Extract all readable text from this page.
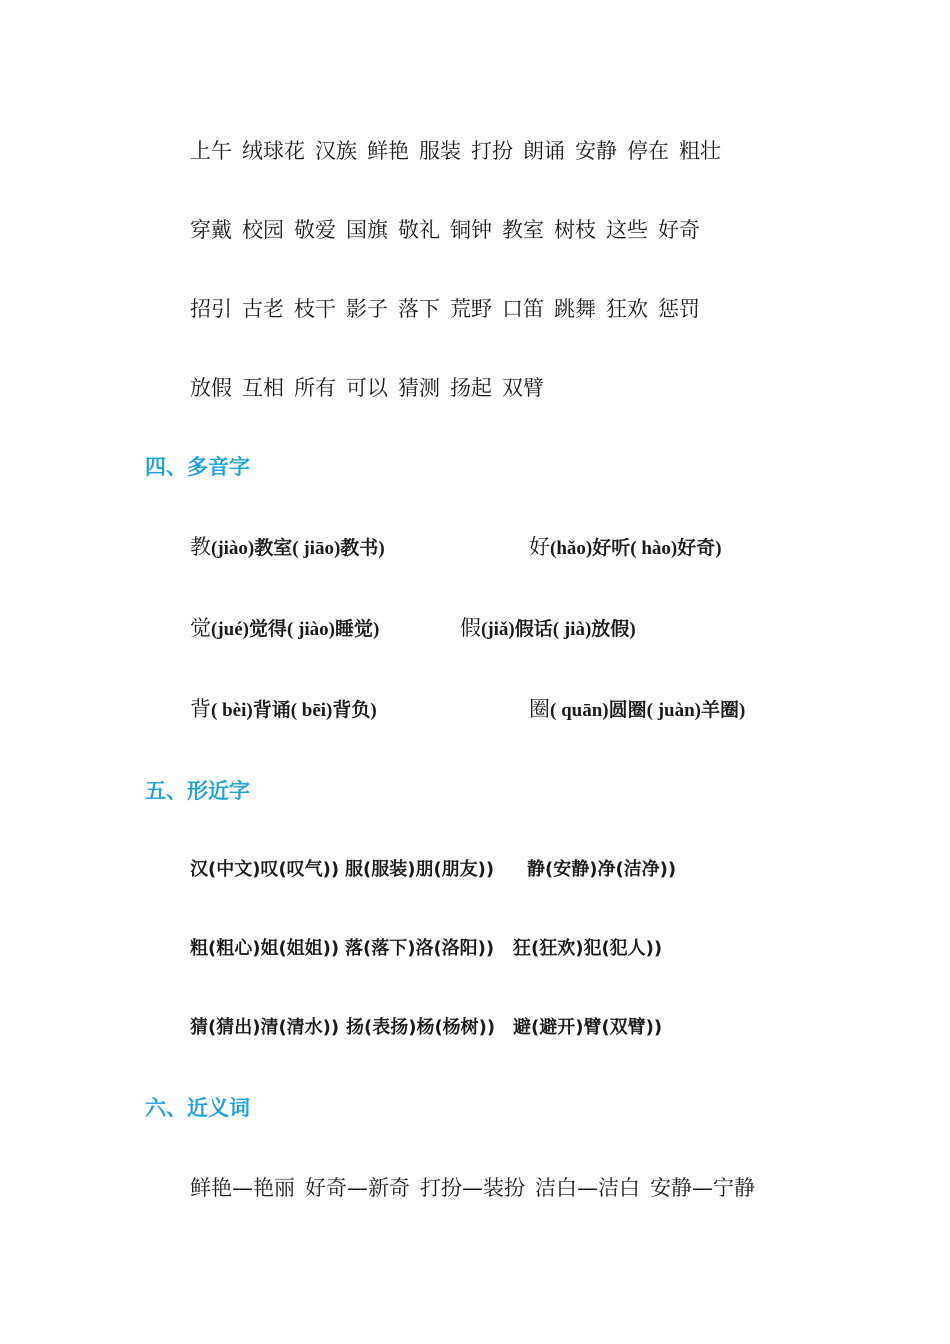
上午 绒球花 汉族 鲜艳 服装 打扮 朗诵 安静 停在 粗壮
穿戴 校园 敬爱 国旗 敬礼 铜钟 教室 树枝 这些 好奇
招引 古老 枝干 影子 落下 荒野 口笛 跳舞 狂欢 惩罚
放假 互相 所有 可以 猜测 扬起 双臂
四、多音字
教(jiào)教室( jiāo)教书)	好(hǎo)好听( hào)好奇)
觉(jué)觉得( jiào)睡觉)	假(jiǎ)假话( jià)放假)
背( bèi)背诵( bēi)背负)	圈( quān)圆圈( juàn)羊圈)
五、形近字
汉(中文)叹(叹气)) 服(服装)朋(朋友)) 静(安静)净(洁净))
粗(粗心)姐(姐姐)) 落(落下)洛(洛阳)) 狂(狂欢)犯(犯人))
猜(猜出)清(清水)) 扬(表扬)杨(杨树)) 避(避开)臂(双臂))
六、近义词
鲜艳—艳丽 好奇—新奇 打扮—装扮 洁白—洁白 安静—宁静
